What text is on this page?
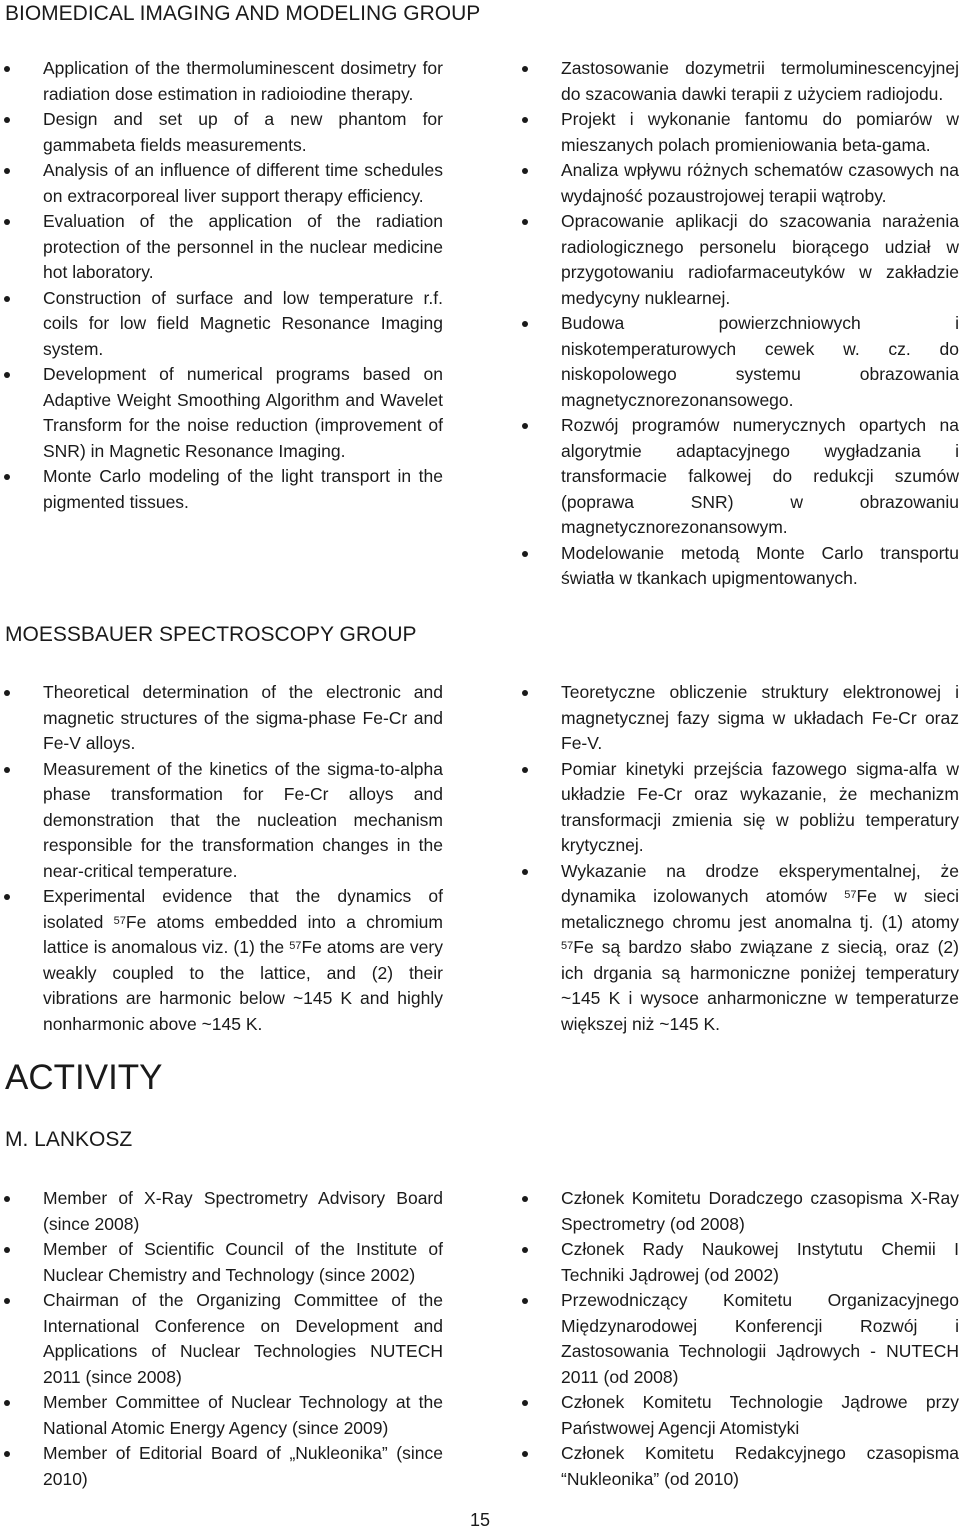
BIOMEDICAL IMAGING AND MODELING GROUP
Application of the thermoluminescent dosimetry for radiation dose estimation in radioiodine therapy.
Design and set up of a new phantom for gammabeta fields measurements.
Analysis of an influence of different time schedules on extracorporeal liver support therapy efficiency.
Evaluation of the application of the radiation protection of the personnel in the nuclear medicine hot laboratory.
Construction of surface and low temperature r.f. coils for low field Magnetic Resonance Imaging system.
Development of numerical programs based on Adaptive Weight Smoothing Algorithm and Wavelet Transform for the noise reduction (improvement of SNR) in Magnetic Resonance Imaging.
Monte Carlo modeling of the light transport in the pigmented tissues.
Zastosowanie dozymetrii termoluminescencyjnej do szacowania dawki terapii z użyciem radiojodu.
Projekt i wykonanie fantomu do pomiarów w mieszanych polach promieniowania beta-gama.
Analiza wpływu różnych schematów czasowych na wydajność pozaustrojowej terapii wątroby.
Opracowanie aplikacji do szacowania narażenia radiologicznego personelu biorącego udział w przygotowaniu radiofarmaceutyków w zakładzie medycyny nuklearnej.
Budowa powierzchniowych i niskotemperaturowych cewek w. cz. do niskopolowego systemu obrazowania magnetycznorezonansowego.
Rozwój programów numerycznych opartych na algorytmie adaptacyjnego wygładzania i transformacie falkowej do redukcji szumów (poprawa SNR) w obrazowaniu magnetycznorezonansowym.
Modelowanie metodą Monte Carlo transportu światła w tkankach upigmentowanych.
MOESSBAUER SPECTROSCOPY GROUP
Theoretical determination of the electronic and magnetic structures of the sigma-phase Fe-Cr and Fe-V alloys.
Measurement of the kinetics of the sigma-to-alpha phase transformation for Fe-Cr alloys and demonstration that the nucleation mechanism responsible for the transformation changes in the near-critical temperature.
Experimental evidence that the dynamics of isolated $^{57}$Fe atoms embedded into a chromium lattice is anomalous viz. (1) the $^{57}$Fe atoms are very weakly coupled to the lattice, and (2) their vibrations are harmonic below ~145 K and highly nonharmonic above ~145 K.
Teoretyczne obliczenie struktury elektronowej i magnetycznej fazy sigma w układach Fe-Cr oraz Fe-V.
Pomiar kinetyki przejścia fazowego sigma-alfa w układzie Fe-Cr oraz wykazanie, że mechanizm transformacji zmienia się w pobliżu temperatury krytycznej.
Wykazanie na drodze eksperymentalnej, że dynamika izolowanych atomów $^{57}$Fe w sieci metalicznego chromu jest anomalna tj. (1) atomy $^{57}$Fe są bardzo słabo związane z siecią, oraz (2) ich drgania są harmoniczne poniżej temperatury ~145 K i wysoce anharmoniczne w temperaturze większej niż ~145 K.
ACTIVITY
M. LANKOSZ
Member of X-Ray Spectrometry Advisory Board (since 2008)
Member of Scientific Council of the Institute of Nuclear Chemistry and Technology (since 2002)
Chairman of the Organizing Committee of the International Conference on Development and Applications of Nuclear Technologies NUTECH 2011 (since 2008)
Member Committee of Nuclear Technology at the National Atomic Energy Agency (since 2009)
Member of Editorial Board of „Nukleonika” (since 2010)
Członek Komitetu Doradczego czasopisma X-Ray Spectrometry (od 2008)
Członek Rady Naukowej Instytutu Chemii I Techniki Jądrowej (od 2002)
Przewodniczący Komitetu Organizacyjnego Międzynarodowej Konferencji Rozwój i Zastosowania Technologii Jądrowych - NUTECH 2011 (od 2008)
Członek Komitetu Technologie Jądrowe przy Państwowej Agencji Atomistyki
Członek Komitetu Redakcyjnego czasopisma “Nukleonika” (od 2010)
15
